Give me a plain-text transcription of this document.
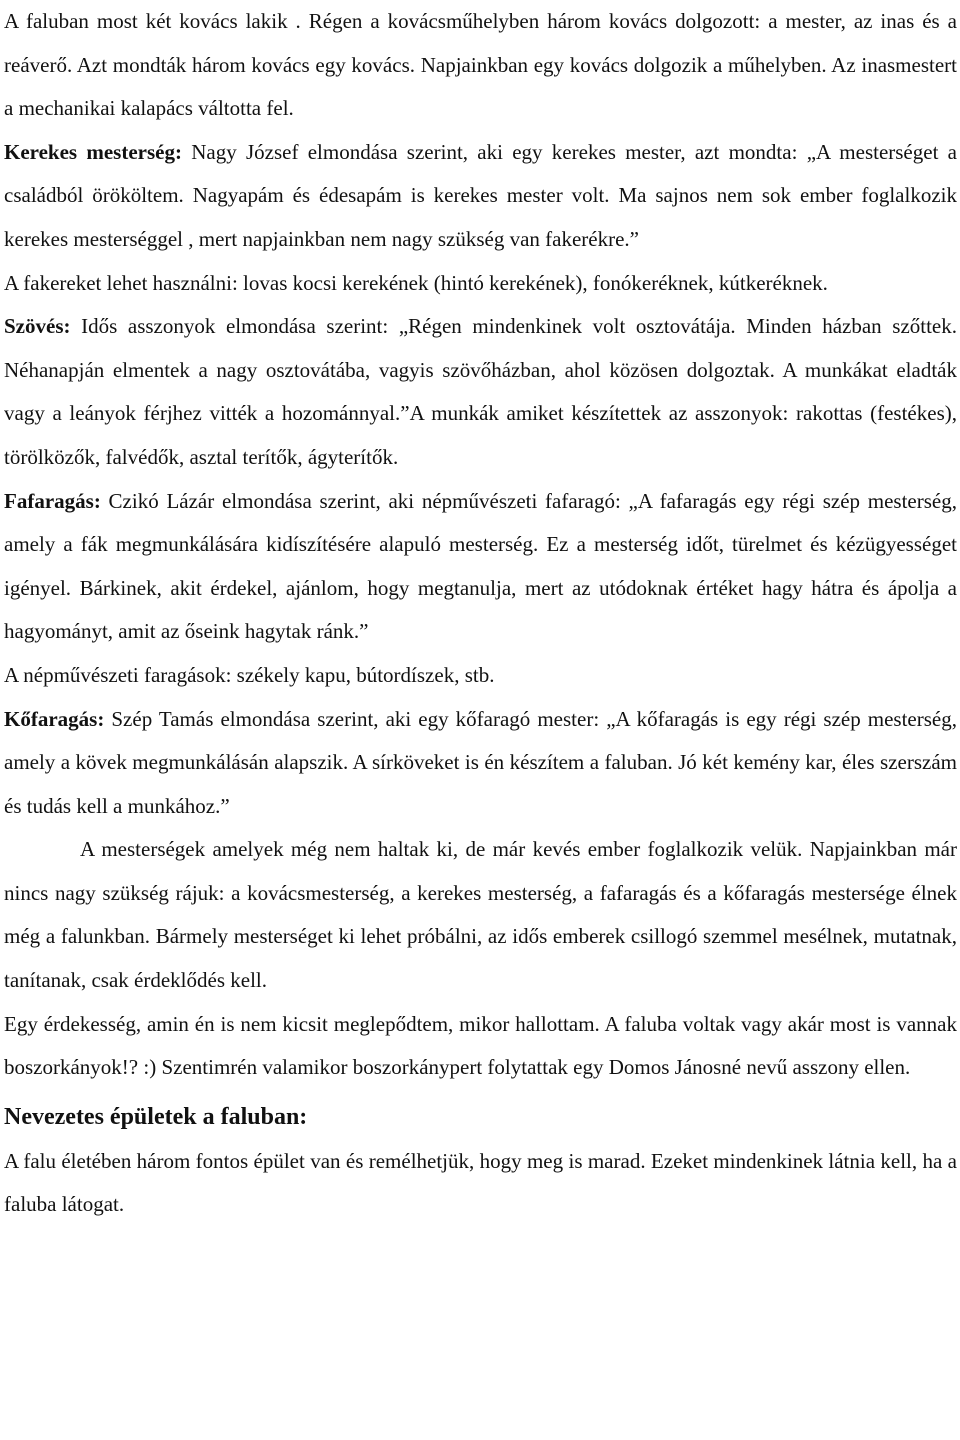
A faluban most két kovács lakik . Régen a kovácsműhelyben három kovács dolgozott: a mester, az inas és a reáverő. Azt mondták három kovács egy kovács. Napjainkban egy kovács dolgozik a műhelyben. Az inasmestert a mechanikai kalapács váltotta fel.

Kerekes mesterség: Nagy József elmondása szerint, aki egy kerekes mester, azt mondta: „A mesterséget a családból örököltem. Nagyapám és édesapám is kerekes mester volt. Ma sajnos nem sok ember foglalkozik kerekes mesterséggel , mert napjainkban nem nagy szükség van fakerékre.”

A fakereket lehet használni: lovas kocsi kerekének (hintó kerekének), fonókeréknek, kútkeréknek.

Szövés: Idős asszonyok elmondása szerint: „Régen mindenkinek volt osztovátája. Minden házban szőttek. Néhanapján elmentek a nagy osztovátába, vagyis szövőházban, ahol közösen dolgoztak. A munkákat eladták vagy a leányok férjhez vitték a hozománnyal.”A munkák amiket készítettek az asszonyok: rakottas (festékes), törölközők, falvédők, asztal terítők, ágyterítők.

Fafaragás: Czikó Lázár elmondása szerint, aki népművészeti fafaragó: „A fafaragás egy régi szép mesterség, amely a fák megmunkálására kidíszítésére alapuló mesterség. Ez a mesterség időt, türelmet és kézügyességet igényel. Bárkinek, akit érdekel, ajánlom, hogy megtanulja, mert az utódoknak értéket hagy hátra és ápolja a hagyományt, amit az őseink hagytak ránk.”

A népművészeti faragások: székely kapu, bútordíszek, stb.

Kőfaragás: Szép Tamás elmondása szerint, aki egy kőfaragó mester: „A kőfaragás is egy régi szép mesterség, amely a kövek megmunkálásán alapszik. A sírköveket is én készítem a faluban. Jó két kemény kar, éles szerszám és tudás kell a munkához.”

A mesterségek amelyek még nem haltak ki, de már kevés ember foglalkozik velük. Napjainkban már nincs nagy szükség rájuk: a kovácsmesterség, a kerekes mesterség, a fafaragás és a kőfaragás mestersége élnek még a falunkban. Bármely mesterséget ki lehet próbálni, az idős emberek csillogó szemmel mesélnek, mutatnak, tanítanak, csak érdeklődés kell.

Egy érdekesség, amin én is nem kicsit meglepődtem, mikor hallottam. A faluba voltak vagy akár most is vannak boszorkányok!? :) Szentimrén valamikor boszorkánypert folytattak egy Domos Jánosné nevű asszony ellen.

Nevezetes épületek a faluban:

A falu életében három fontos épület van és remélhetjük, hogy meg is marad. Ezeket mindenkinek látnia kell, ha a faluba látogat.
